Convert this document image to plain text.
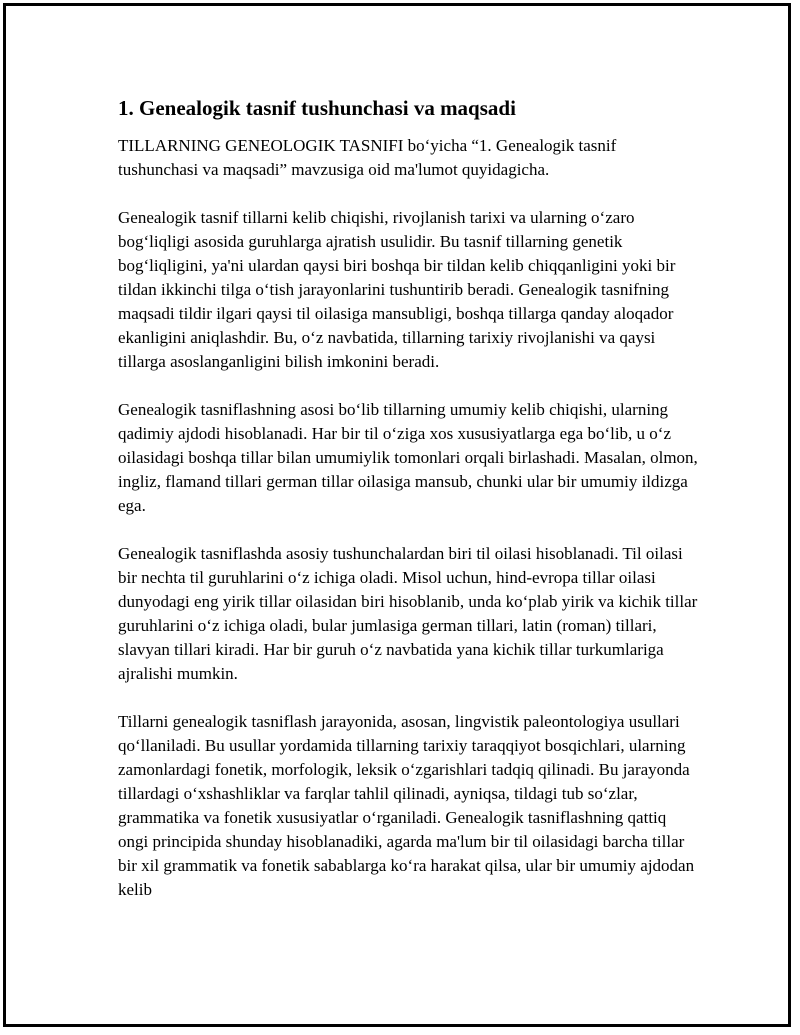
1. Genealogik tasnif tushunchasi va maqsadi

TILLARNING GENEOLOGIK TASNIFI bo‘yicha “1. Genealogik tasnif tushunchasi va maqsadi” mavzusiga oid ma'lumot quyidagicha.

Genealogik tasnif tillarni kelib chiqishi, rivojlanish tarixi va ularning o‘zaro bog‘liqligi asosida guruhlarga ajratish usulidir. Bu tasnif tillarning genetik bog‘liqligini, ya'ni ulardan qaysi biri boshqa bir tildan kelib chiqqanligini yoki bir tildan ikkinchi tilga o‘tish jarayonlarini tushuntirib beradi. Genealogik tasnifning maqsadi tildir ilgari qaysi til oilasiga mansubligi, boshqa tillarga qanday aloqador ekanligini aniqlashdir. Bu, o‘z navbatida, tillarning tarixiy rivojlanishi va qaysi tillarga asoslanganligini bilish imkonini beradi.

Genealogik tasniflashning asosi bo‘lib tillarning umumiy kelib chiqishi, ularning qadimiy ajdodi hisoblanadi. Har bir til o‘ziga xos xususiyatlarga ega bo‘lib, u o‘z oilasidagi boshqa tillar bilan umumiylik tomonlari orqali birlashadi. Masalan, olmon, ingliz, flamand tillari german tillar oilasiga mansub, chunki ular bir umumiy ildizga ega.

Genealogik tasniflashda asosiy tushunchalardan biri til oilasi hisoblanadi. Til oilasi bir nechta til guruhlarini o‘z ichiga oladi. Misol uchun, hind-evropa tillar oilasi dunyodagi eng yirik tillar oilasidan biri hisoblanib, unda ko‘plab yirik va kichik tillar guruhlarini o‘z ichiga oladi, bular jumlasiga german tillari, latin (roman) tillari, slavyan tillari kiradi. Har bir guruh o‘z navbatida yana kichik tillar turkumlariga ajralishi mumkin.

Tillarni genealogik tasniflash jarayonida, asosan, lingvistik paleontologiya usullari qo‘llaniladi. Bu usullar yordamida tillarning tarixiy taraqqiyot bosqichlari, ularning zamonlardagi fonetik, morfologik, leksik o‘zgarishlari tadqiq qilinadi. Bu jarayonda tillardagi o‘xshashliklar va farqlar tahlil qilinadi, ayniqsa, tildagi tub so‘zlar, grammatika va fonetik xususiyatlar o‘rganiladi. Genealogik tasniflashning qattiq ongi principida shunday hisoblanadiki, agarda ma'lum bir til oilasidagi barcha tillar bir xil grammatik va fonetik sabablarga ko‘ra harakat qilsa, ular bir umumiy ajdodan kelib
